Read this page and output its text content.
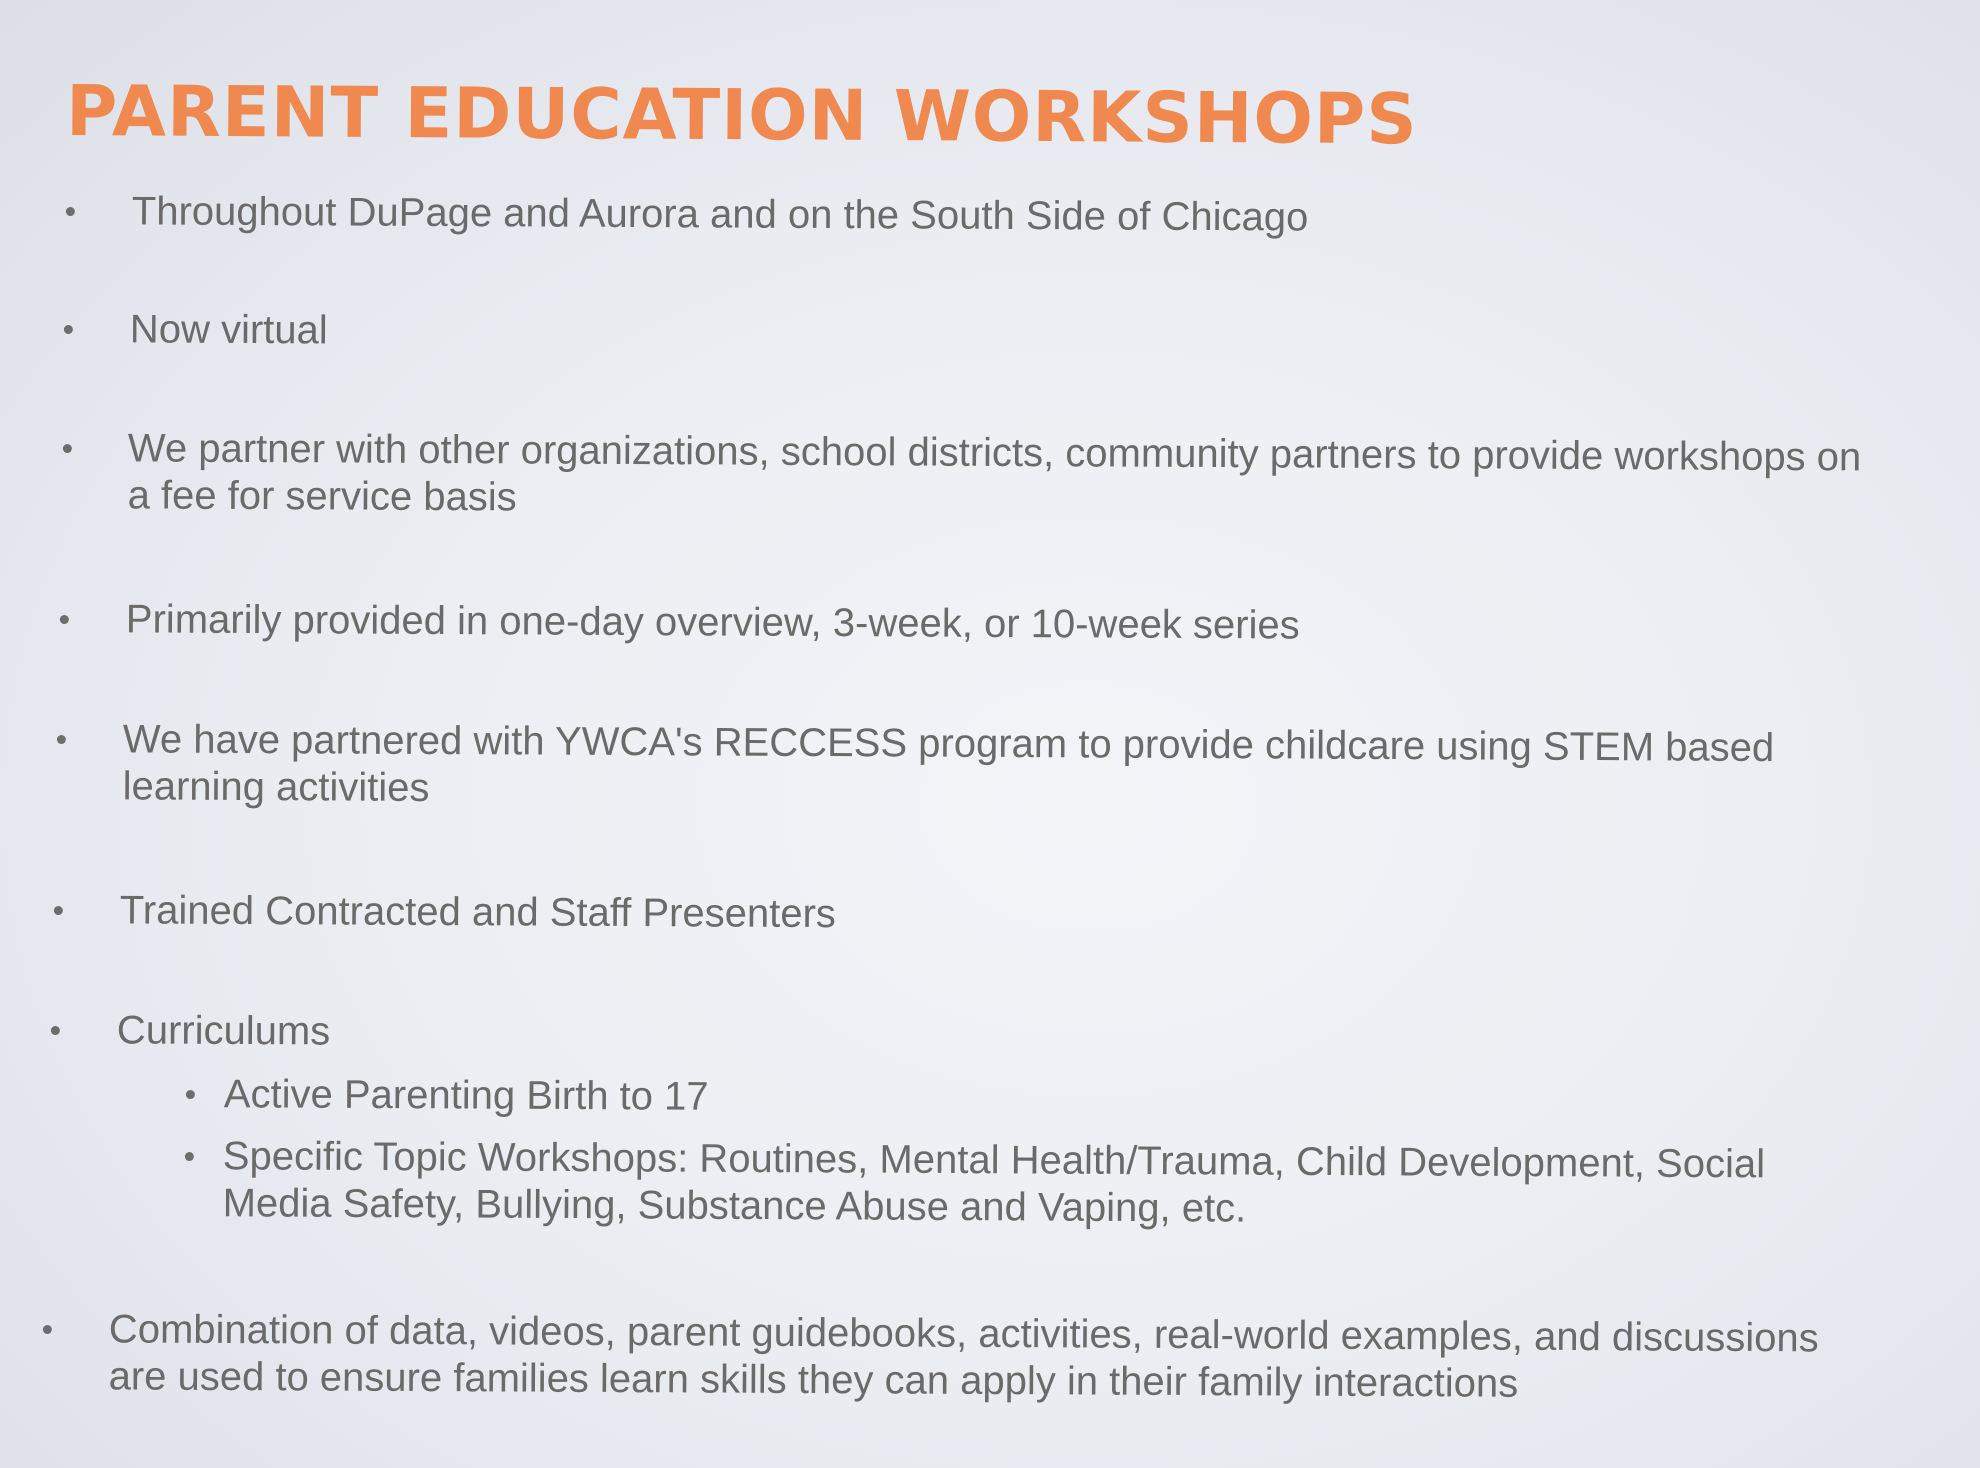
PARENT EDUCATION WORKSHOPS
Throughout DuPage and Aurora and on the South Side of Chicago
Now virtual
We partner with other organizations, school districts, community partners to provide workshops on
a fee for service basis
Primarily provided in one-day overview, 3-week, or 10-week series
We have partnered with YWCA's RECCESS program to provide childcare using STEM based
learning activities
Trained Contracted and Staff Presenters
Curriculums
Active Parenting Birth to 17
Specific Topic Workshops: Routines, Mental Health/Trauma, Child Development, Social
Media Safety, Bullying, Substance Abuse and Vaping, etc.
Combination of data, videos, parent guidebooks, activities, real-world examples, and discussions
are used to ensure families learn skills they can apply in their family interactions
